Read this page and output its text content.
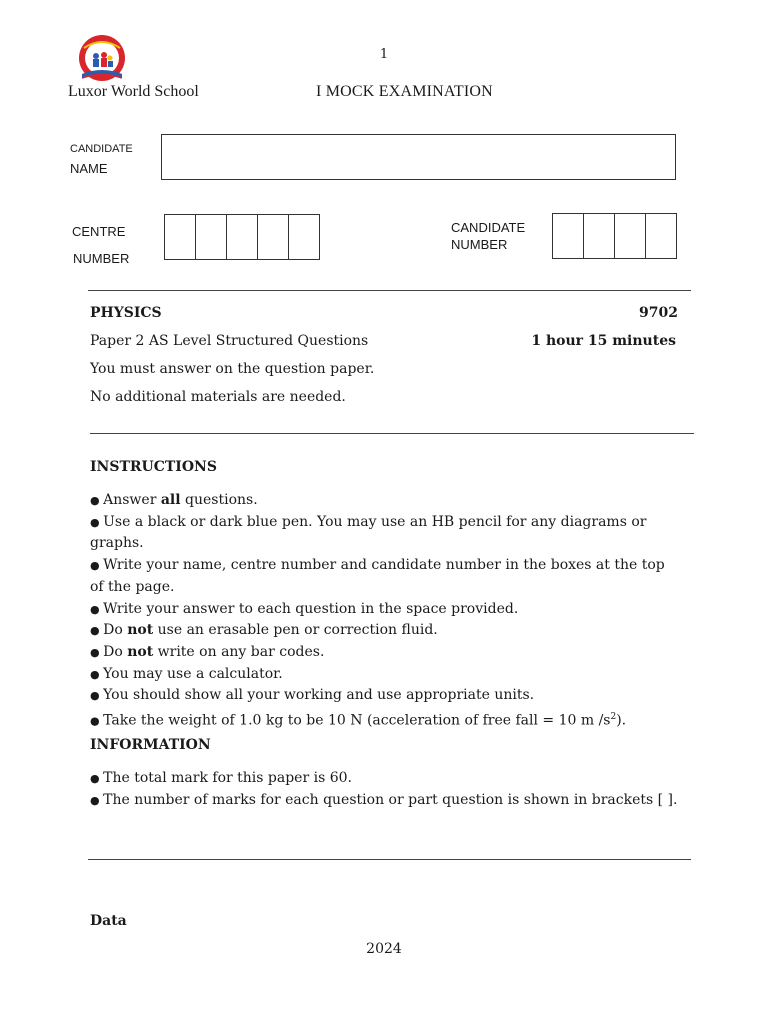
1
Luxor World School	I MOCK EXAMINATION
CANDIDATE
NAME
CENTRE
NUMBER
CANDIDATE
NUMBER
PHYSICS	9702
Paper 2 AS Level Structured Questions	1 hour 15 minutes
You must answer on the question paper.
No additional materials are needed.
INSTRUCTIONS
● Answer all questions.
● Use a black or dark blue pen. You may use an HB pencil for any diagrams or graphs.
● Write your name, centre number and candidate number in the boxes at the top of the page.
● Write your answer to each question in the space provided.
● Do not use an erasable pen or correction fluid.
● Do not write on any bar codes.
● You may use a calculator.
● You should show all your working and use appropriate units.
● Take the weight of 1.0 kg to be 10 N (acceleration of free fall = 10 m $/s^2$).
INFORMATION
● The total mark for this paper is 60.
● The number of marks for each question or part question is shown in brackets [ ].
Data
2024
